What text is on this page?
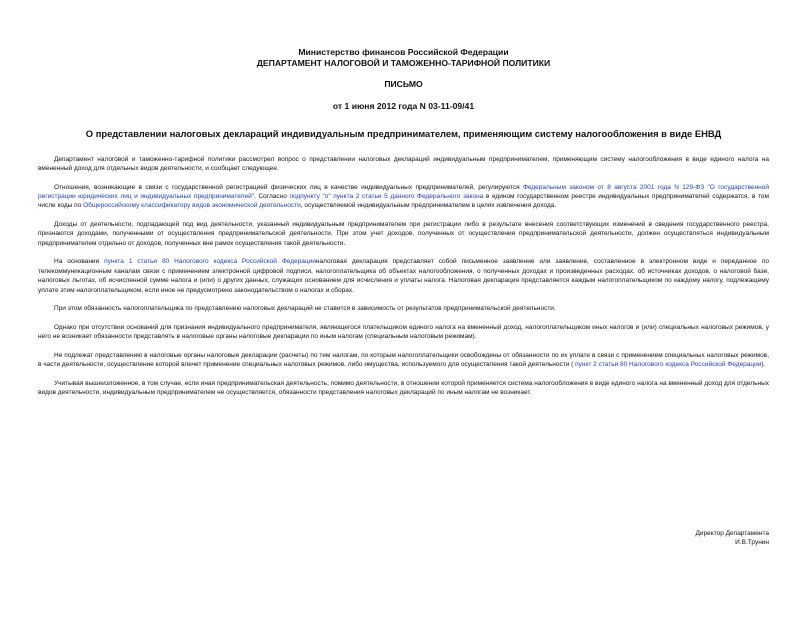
Министерство финансов Российской Федерации
ДЕПАРТАМЕНТ НАЛОГОВОЙ И ТАМОЖЕННО-ТАРИФНОЙ ПОЛИТИКИ
ПИСЬМО
от 1 июня 2012 года N 03-11-09/41
О представлении налоговых деклараций индивидуальным предпринимателем, применяющим систему налогообложения в виде ЕНВД

Департамент налоговой и таможенно-тарифной политики рассмотрел вопрос о представлении налоговых деклараций индивидуальным предпринимателем, применяющим систему налогообложения в виде единого налога на вмененный доход для отдельных видов деятельности, и сообщает следующее.

Отношения, возникающие в связи с государственной регистрацией физических лиц в качестве индивидуальных предпринимателей, регулируются Федеральным законом от 8 августа 2001 года N 129-ФЗ "О государственной регистрации юридических лиц и индивидуальных предпринимателей". Согласно подпункту "о" пункта 2 статьи 5 данного Федерального закона в едином государственном реестре индивидуальных предпринимателей содержатся, в том числе коды по Общероссийскому классификатору видов экономической деятельности, осуществляемой индивидуальным предпринимателем в целях извлечения дохода.

Доходы от деятельности, подпадающей под вид деятельности, указанный индивидуальным предпринимателем при регистрации либо в результате внесения соответствующих изменений в сведения государственного реестра, признаются доходами, полученными от осуществления предпринимательской деятельности. При этом учет доходов, полученных от осуществления предпринимательской деятельности, должен осуществляться индивидуальным предпринимателем отдельно от доходов, полученных вне рамок осуществления такой деятельности.

На основании пункта 1 статьи 80 Налогового кодекса Российской Федерацииналоговая декларация представляет собой письменное заявление или заявление, составленное в электронном виде и переданное по телекоммуникационным каналам связи с применением электронной цифровой подписи, налогоплательщика об объектах налогообложения, о полученных доходах и произведенных расходах, об источниках доходов, о налоговой базе, налоговых льготах, об исчисленной сумме налога и (или) о других данных, служащих основанием для исчисления и уплаты налога. Налоговая декларация представляется каждым налогоплательщиком по каждому налогу, подлежащему уплате этим налогоплательщиком, если иное не предусмотрено законодательством о налогах и сборах.

При этом обязанность налогоплательщика по представлению налоговых деклараций не ставится в зависимость от результатов предпринимательской деятельности.

Однако при отсутствии оснований для признания индивидуального предпринимателя, являющегося плательщиком единого налога на вмененный доход, налогоплательщиком иных налогов и (или) специальных налоговых режимов, у него не возникает обязанности представлять в налоговые органы налоговые декларации по иным налогам (специальным налоговым режимам).

Не подлежат представлению в налоговые органы налоговые декларации (расчеты) по тем налогам, по которым налогоплательщики освобождены от обязанности по их уплате в связи с применением специальных налоговых режимов, в части деятельности, осуществление которой влечет применение специальных налоговых режимов, либо имущества, используемого для осуществления такой деятельности ( пункт 2 статьи 80 Налогового кодекса Российской Федерации).

Учитывая вышеизложенное, в том случае, если иная предпринимательская деятельность, помимо деятельности, в отношении которой применяется система налогообложения в виде единого налога на вмененный доход для отдельных видов деятельности, индивидуальным предпринимателем не осуществляется, обязанности представления налоговых деклараций по иным налогам не возникает.

Директор Департамента
И.В.Трунин
